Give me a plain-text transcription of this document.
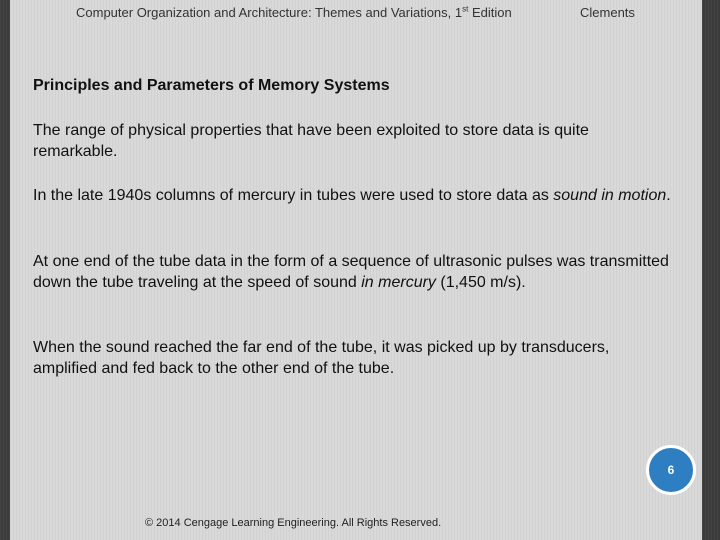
Computer Organization and Architecture: Themes and Variations, 1st Edition	Clements
Principles and Parameters of Memory Systems

The range of physical properties that have been exploited to store data is quite remarkable.

In the late 1940s columns of mercury in tubes were used to store data as sound in motion.

At one end of the tube data in the form of a sequence of ultrasonic pulses was transmitted down the tube traveling at the speed of sound in mercury (1,450 m/s).

When the sound reached the far end of the tube, it was picked up by transducers, amplified and fed back to the other end of the tube.

6
© 2014 Cengage Learning Engineering. All Rights Reserved.
